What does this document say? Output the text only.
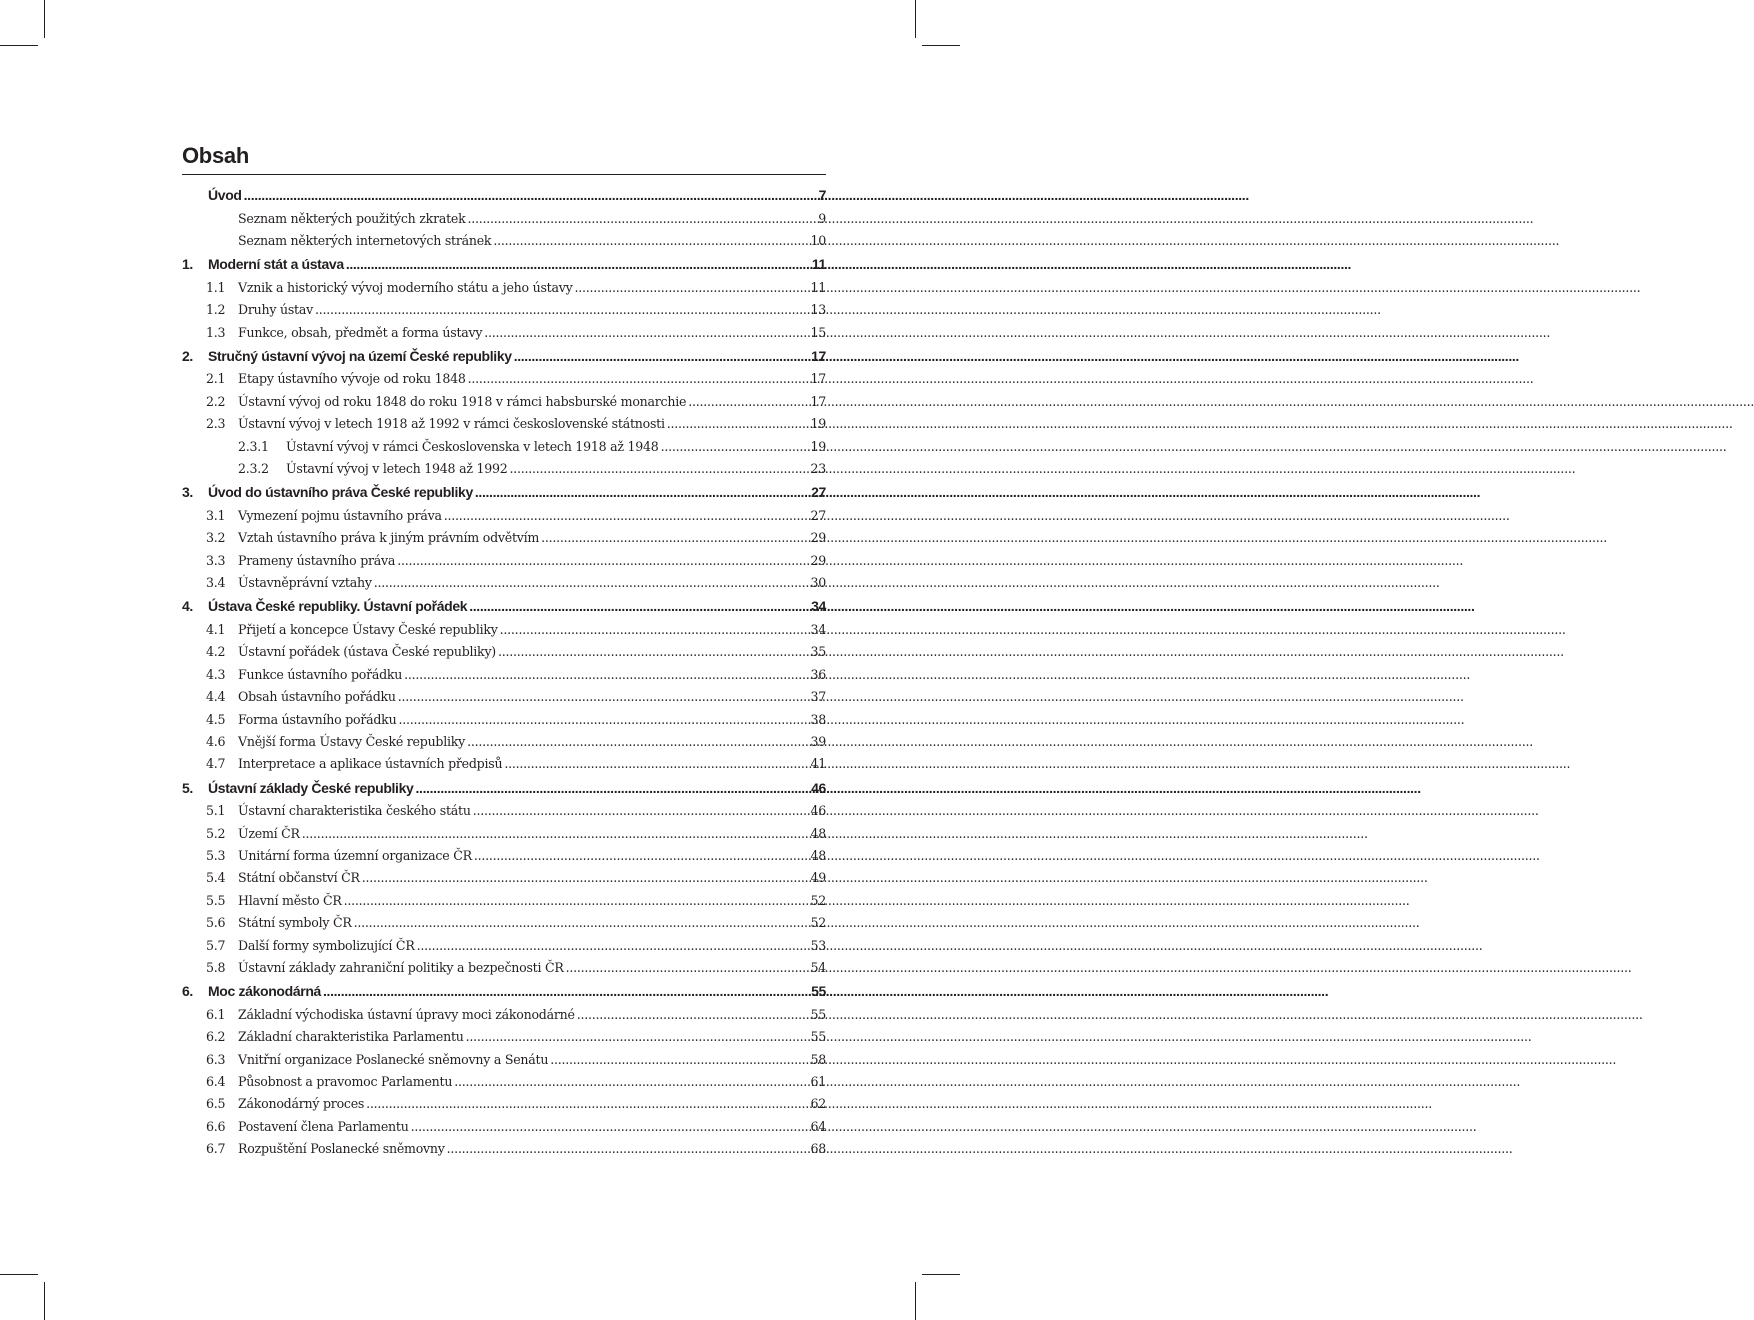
Obsah
Úvod .....	7
Seznam některých použitých zkratek .....	9
Seznam některých internetových stránek .....	10
1. Moderní stát a ústava .....	11
1.1 Vznik a historický vývoj moderního státu a jeho ústavy .....	11
1.2 Druhy ústav .....	13
1.3 Funkce, obsah, předmět a forma ústavy .....	15
2. Stručný ústavní vývoj na území České republiky .....	17
2.1 Etapy ústavního vývoje od roku 1848 .....	17
2.2 Ústavní vývoj od roku 1848 do roku 1918 v rámci habsburské monarchie .....	17
2.3 Ústavní vývoj v letech 1918 až 1992 v rámci československé státnosti .....	19
2.3.1 Ústavní vývoj v rámci Československa v letech 1918 až 1948 .....	19
2.3.2 Ústavní vývoj v letech 1948 až 1992 .....	23
3. Úvod do ústavního práva České republiky .....	27
3.1 Vymezení pojmu ústavního práva .....	27
3.2 Vztah ústavního práva k jiným právním odvětvím .....	29
3.3 Prameny ústavního práva .....	29
3.4 Ústavněprávní vztahy .....	30
4. Ústava České republiky. Ústavní pořádek .....	34
4.1 Přijetí a koncepce Ústavy České republiky .....	34
4.2 Ústavní pořádek (ústava České republiky) .....	35
4.3 Funkce ústavního pořádku .....	36
4.4 Obsah ústavního pořádku .....	37
4.5 Forma ústavního pořádku .....	38
4.6 Vnější forma Ústavy České republiky .....	39
4.7 Interpretace a aplikace ústavních předpisů .....	41
5. Ústavní základy České republiky .....	46
5.1 Ústavní charakteristika českého státu .....	46
5.2 Území ČR .....	48
5.3 Unitární forma územní organizace ČR .....	48
5.4 Státní občanství ČR .....	49
5.5 Hlavní město ČR .....	52
5.6 Státní symboly ČR .....	52
5.7 Další formy symbolizující ČR .....	53
5.8 Ústavní základy zahraniční politiky a bezpečnosti ČR .....	54
6. Moc zákonodárná .....	55
6.1 Základní východiska ústavní úpravy moci zákonodárné .....	55
6.2 Základní charakteristika Parlamentu .....	55
6.3 Vnitřní organizace Poslanecké sněmovny a Senátu .....	58
6.4 Působnost a pravomoc Parlamentu .....	61
6.5 Zákonodárný proces .....	62
6.6 Postavení člena Parlamentu .....	64
6.7 Rozpuštění Poslanecké sněmovny .....	68
